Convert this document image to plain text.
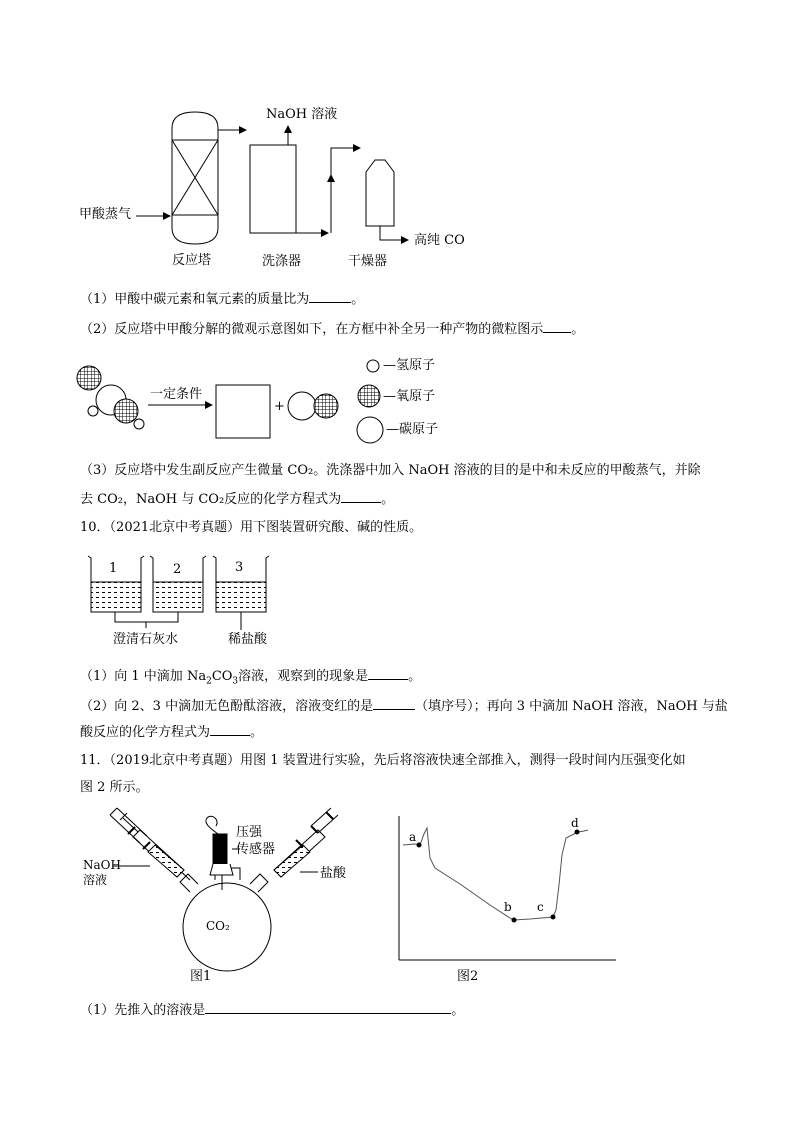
NaOH 溶液
甲酸蒸气
反应塔	洗涤器	干燥器
高纯 CO
（1）甲酸中碳元素和氧元素的质量比为	。
（2）反应塔中甲酸分解的微观示意图如下，在方框中补全另一种产物的微粒图示 。
一定条件
+
—氢原子
—氧原子
—碳原子
（3）反应塔中发生副反应产生微量 CO₂。洗涤器中加入 NaOH 溶液的目的是中和未反应的甲酸蒸气，并除
去 CO₂，NaOH 与 CO₂反应的化学方程式为	。
10．（2021北京中考真题）用下图装置研究酸、碱的性质。
1	2	3
澄清石灰水	稀盐酸
（1）向 1 中滴加 $Na_2CO_3$溶液，观察到的现象是	。
（2）向 2、3 中滴加无色酚酞溶液，溶液变红的是	（填序号）；再向 3 中滴加 NaOH 溶液，NaOH 与盐
酸反应的化学方程式为	。
11．（2019北京中考真题）用图 1 装置进行实验，先后将溶液快速全部推入，测得一段时间内压强变化如
图 2 所示。
NaOH
溶液
压强
传感器
盐酸
CO₂
图1
a
b c
d
图2
（1）先推入的溶液是	。
